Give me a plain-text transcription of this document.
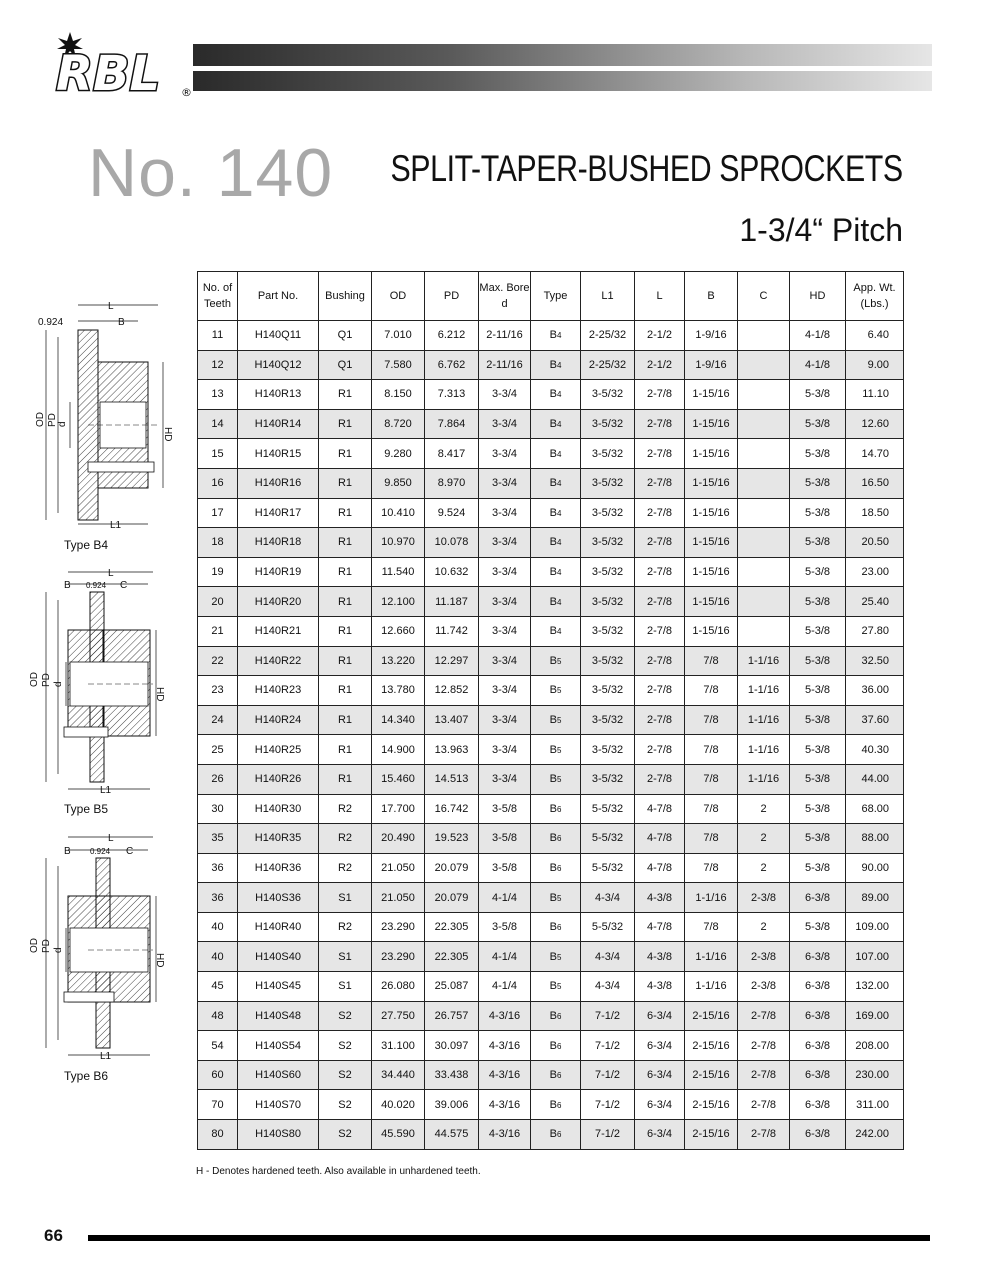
RBL ®
No. 140 SPLIT-TAPER-BUSHED SPROCKETS
1-3/4“ Pitch
L
0.924	B
OD PD d
HD
L1
Type B4
L
B 0.924 C
OD PD d
HD
L1
Type B5
L
B 0.924 C
OD PD d
HD
L1
Type B6
No. of Teeth	Part No.	Bushing	OD	PD	Max. Bore d	Type	L1	L	B	C	HD	App. Wt. (Lbs.)
11	H140Q11	Q1	7.010	6.212	2-11/16	B4	2-25/32	2-1/2	1-9/16		4-1/8	6.40
12	H140Q12	Q1	7.580	6.762	2-11/16	B4	2-25/32	2-1/2	1-9/16		4-1/8	9.00
13	H140R13	R1	8.150	7.313	3-3/4	B4	3-5/32	2-7/8	1-15/16		5-3/8	11.10
14	H140R14	R1	8.720	7.864	3-3/4	B4	3-5/32	2-7/8	1-15/16		5-3/8	12.60
15	H140R15	R1	9.280	8.417	3-3/4	B4	3-5/32	2-7/8	1-15/16		5-3/8	14.70
16	H140R16	R1	9.850	8.970	3-3/4	B4	3-5/32	2-7/8	1-15/16		5-3/8	16.50
17	H140R17	R1	10.410	9.524	3-3/4	B4	3-5/32	2-7/8	1-15/16		5-3/8	18.50
18	H140R18	R1	10.970	10.078	3-3/4	B4	3-5/32	2-7/8	1-15/16		5-3/8	20.50
19	H140R19	R1	11.540	10.632	3-3/4	B4	3-5/32	2-7/8	1-15/16		5-3/8	23.00
20	H140R20	R1	12.100	11.187	3-3/4	B4	3-5/32	2-7/8	1-15/16		5-3/8	25.40
21	H140R21	R1	12.660	11.742	3-3/4	B4	3-5/32	2-7/8	1-15/16		5-3/8	27.80
22	H140R22	R1	13.220	12.297	3-3/4	B5	3-5/32	2-7/8	7/8	1-1/16	5-3/8	32.50
23	H140R23	R1	13.780	12.852	3-3/4	B5	3-5/32	2-7/8	7/8	1-1/16	5-3/8	36.00
24	H140R24	R1	14.340	13.407	3-3/4	B5	3-5/32	2-7/8	7/8	1-1/16	5-3/8	37.60
25	H140R25	R1	14.900	13.963	3-3/4	B5	3-5/32	2-7/8	7/8	1-1/16	5-3/8	40.30
26	H140R26	R1	15.460	14.513	3-3/4	B5	3-5/32	2-7/8	7/8	1-1/16	5-3/8	44.00
30	H140R30	R2	17.700	16.742	3-5/8	B6	5-5/32	4-7/8	7/8	2	5-3/8	68.00
35	H140R35	R2	20.490	19.523	3-5/8	B6	5-5/32	4-7/8	7/8	2	5-3/8	88.00
36	H140R36	R2	21.050	20.079	3-5/8	B6	5-5/32	4-7/8	7/8	2	5-3/8	90.00
36	H140S36	S1	21.050	20.079	4-1/4	B5	4-3/4	4-3/8	1-1/16	2-3/8	6-3/8	89.00
40	H140R40	R2	23.290	22.305	3-5/8	B6	5-5/32	4-7/8	7/8	2	5-3/8	109.00
40	H140S40	S1	23.290	22.305	4-1/4	B5	4-3/4	4-3/8	1-1/16	2-3/8	6-3/8	107.00
45	H140S45	S1	26.080	25.087	4-1/4	B5	4-3/4	4-3/8	1-1/16	2-3/8	6-3/8	132.00
48	H140S48	S2	27.750	26.757	4-3/16	B6	7-1/2	6-3/4	2-15/16	2-7/8	6-3/8	169.00
54	H140S54	S2	31.100	30.097	4-3/16	B6	7-1/2	6-3/4	2-15/16	2-7/8	6-3/8	208.00
60	H140S60	S2	34.440	33.438	4-3/16	B6	7-1/2	6-3/4	2-15/16	2-7/8	6-3/8	230.00
70	H140S70	S2	40.020	39.006	4-3/16	B6	7-1/2	6-3/4	2-15/16	2-7/8	6-3/8	311.00
80	H140S80	S2	45.590	44.575	4-3/16	B6	7-1/2	6-3/4	2-15/16	2-7/8	6-3/8	242.00
H - Denotes hardened teeth. Also available in unhardened teeth.
66
